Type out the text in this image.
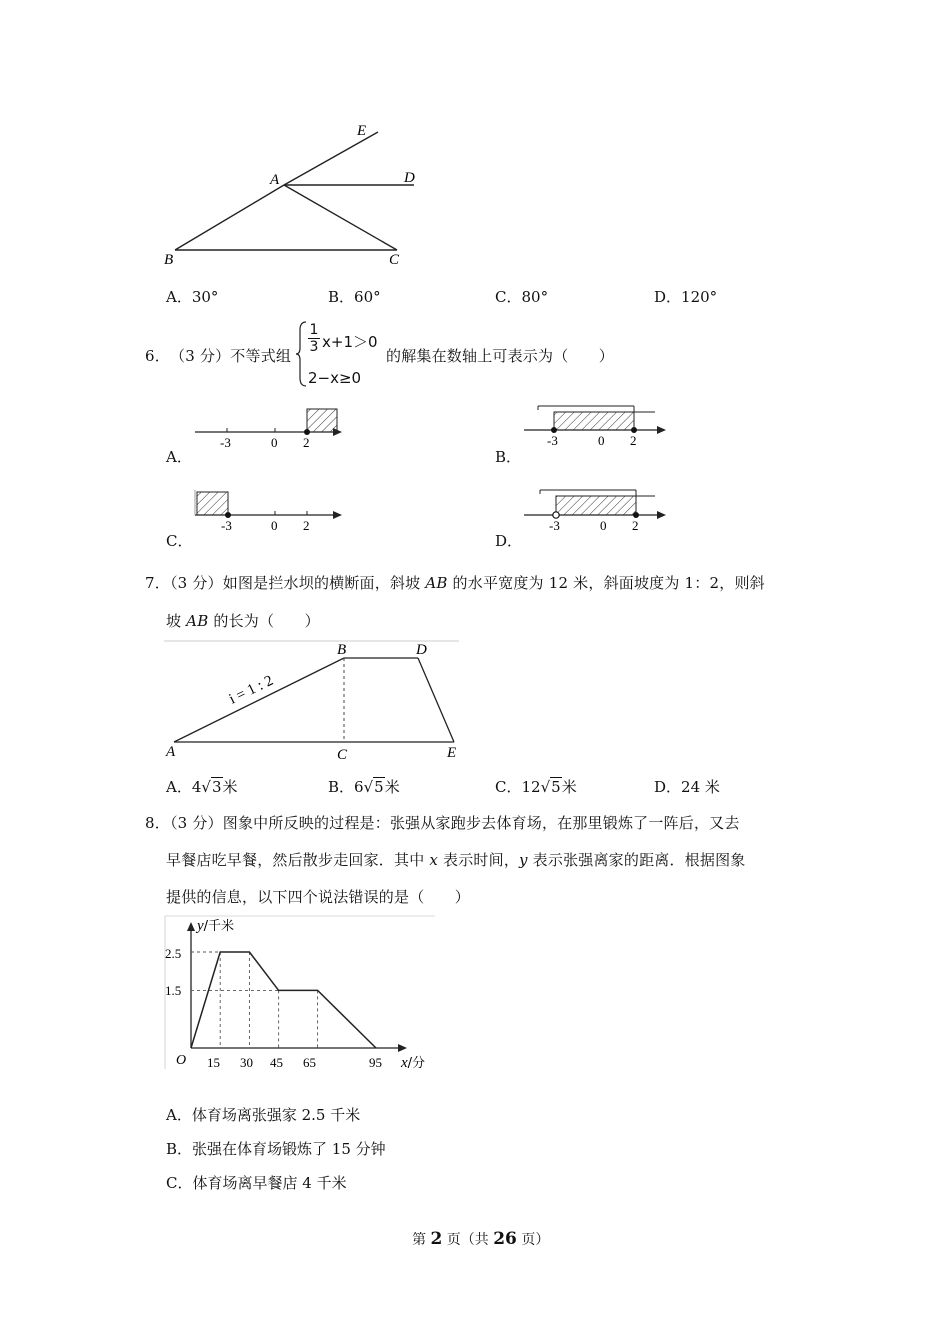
E
D
A
B	C
A．30°	B．60°	C．80°	D．120°
6． （3 分）不等式组
$\frac{1}{3} x+1>0$
2−x≥0
的解集在数轴上可表示为（　　）
A．
-3	0 2
B．
-3	0 2
C．
-3	0 2
D．
-3	0 2
7．（3 分）如图是拦水坝的横断面，斜坡 AB 的水平宽度为 12 米，斜面坡度为 1：2，则斜
坡 AB 的长为（　　）
i = 1 : 2
A
B
C
D
E
A．4√3米	B．6√5米	C．12√5米	D．24 米
8．（3 分）图象中所反映的过程是：张强从家跑步去体育场，在那里锻炼了一阵后，又去
早餐店吃早餐，然后散步走回家．其中 x 表示时间，y 表示张强离家的距离．根据图象
提供的信息，以下四个说法错误的是（　　）
y/千米
x/分
O
2.5
1.5
15 30 45 65	95
A．体育场离张强家 2.5 千米
B．张强在体育场锻炼了 15 分钟
C．体育场离早餐店 4 千米
第 2 页（共 26 页）
